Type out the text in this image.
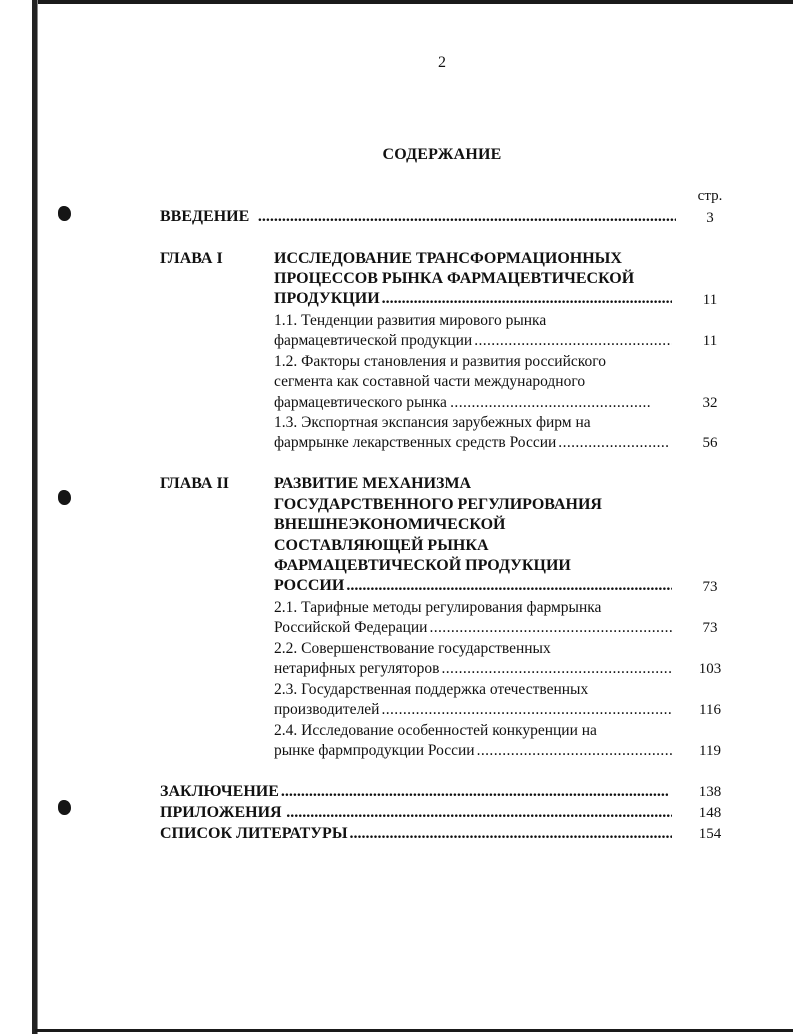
2
СОДЕРЖАНИЕ
стр.
ВВЕДЕНИЕ .....	3
ГЛАВА I	ИССЛЕДОВАНИЕ ТРАНСФОРМАЦИОННЫХ
ПРОЦЕССОВ РЫНКА ФАРМАЦЕВТИЧЕСКОЙ
ПРОДУКЦИИ .....	11
1.1. Тенденции развития мирового рынка
фармацевтической продукции .....	11
1.2. Факторы становления и развития российского
сегмента как составной части международного
фармацевтического рынка .....	32
1.3. Экспортная экспансия зарубежных фирм на
фармрынке лекарственных средств России .....	56
ГЛАВА II	РАЗВИТИЕ МЕХАНИЗМА
ГОСУДАРСТВЕННОГО РЕГУЛИРОВАНИЯ
ВНЕШНЕЭКОНОМИЧЕСКОЙ
СОСТАВЛЯЮЩЕЙ РЫНКА
ФАРМАЦЕВТИЧЕСКОЙ ПРОДУКЦИИ
РОССИИ .....	73
2.1. Тарифные методы регулирования фармрынка
Российской Федерации .....	73
2.2. Совершенствование государственных
нетарифных регуляторов .....	103
2.3. Государственная поддержка отечественных
производителей .....	116
2.4. Исследование особенностей конкуренции на
рынке фармпродукции России .....	119
ЗАКЛЮЧЕНИЕ .....	138
ПРИЛОЖЕНИЯ .....	148
СПИСОК ЛИТЕРАТУРЫ .....	154
